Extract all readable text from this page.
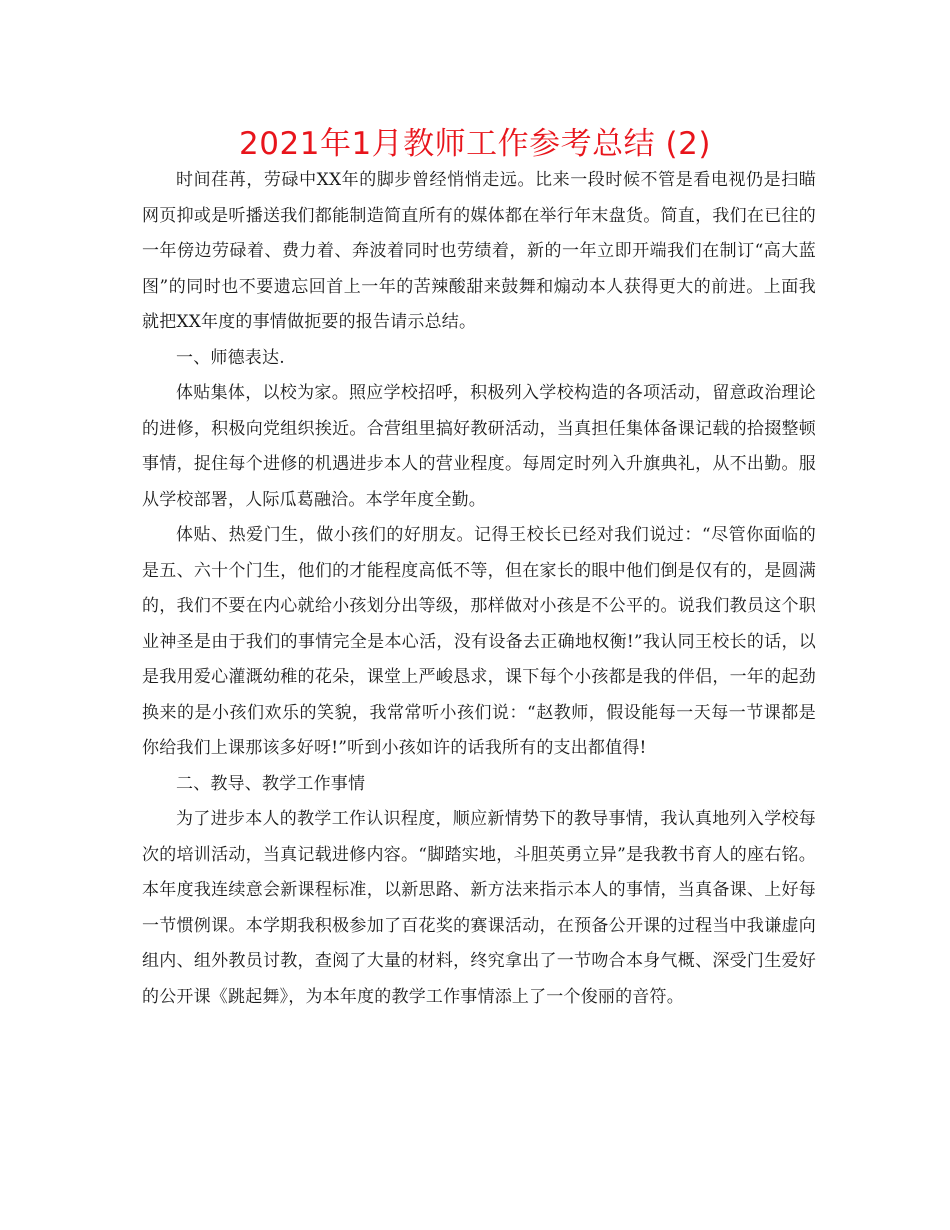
2021年1月教师工作参考总结 (2)

时间荏苒，劳碌中XX年的脚步曾经悄悄走远。比来一段时候不管是看电视仍是扫瞄网页抑或是听播送我们都能制造简直所有的媒体都在举行年末盘货。简直，我们在已往的一年傍边劳碌着、费力着、奔波着同时也劳绩着，新的一年立即开端我们在制订“高大蓝图”的同时也不要遗忘回首上一年的苦辣酸甜来鼓舞和煽动本人获得更大的前进。上面我就把XX年度的事情做扼要的报告请示总结。

一、师德表达.

体贴集体，以校为家。照应学校招呼，积极列入学校构造的各项活动，留意政治理论的进修，积极向党组织挨近。合营组里搞好教研活动，当真担任集体备课记载的拾掇整顿事情，捉住每个进修的机遇进步本人的营业程度。每周定时列入升旗典礼，从不出勤。服从学校部署，人际瓜葛融洽。本学年度全勤。

体贴、热爱门生，做小孩们的好朋友。记得王校长已经对我们说过：“尽管你面临的是五、六十个门生，他们的才能程度高低不等，但在家长的眼中他们倒是仅有的，是圆满的，我们不要在内心就给小孩划分出等级，那样做对小孩是不公平的。说我们教员这个职业神圣是由于我们的事情完全是本心活，没有设备去正确地权衡!”我认同王校长的话，以是我用爱心灌溉幼稚的花朵，课堂上严峻恳求，课下每个小孩都是我的伴侣，一年的起劲换来的是小孩们欢乐的笑貌，我常常听小孩们说：“赵教师，假设能每一天每一节课都是你给我们上课那该多好呀!”听到小孩如许的话我所有的支出都值得!

二、教导、教学工作事情

为了进步本人的教学工作认识程度，顺应新情势下的教导事情，我认真地列入学校每次的培训活动，当真记载进修内容。“脚踏实地，斗胆英勇立异”是我教书育人的座右铭。本年度我连续意会新课程标准，以新思路、新方法来指示本人的事情，当真备课、上好每一节惯例课。本学期我积极参加了百花奖的赛课活动，在预备公开课的过程当中我谦虚向组内、组外教员讨教，查阅了大量的材料，终究拿出了一节吻合本身气概、深受门生爱好的公开课《跳起舞》，为本年度的教学工作事情添上了一个俊丽的音符。
